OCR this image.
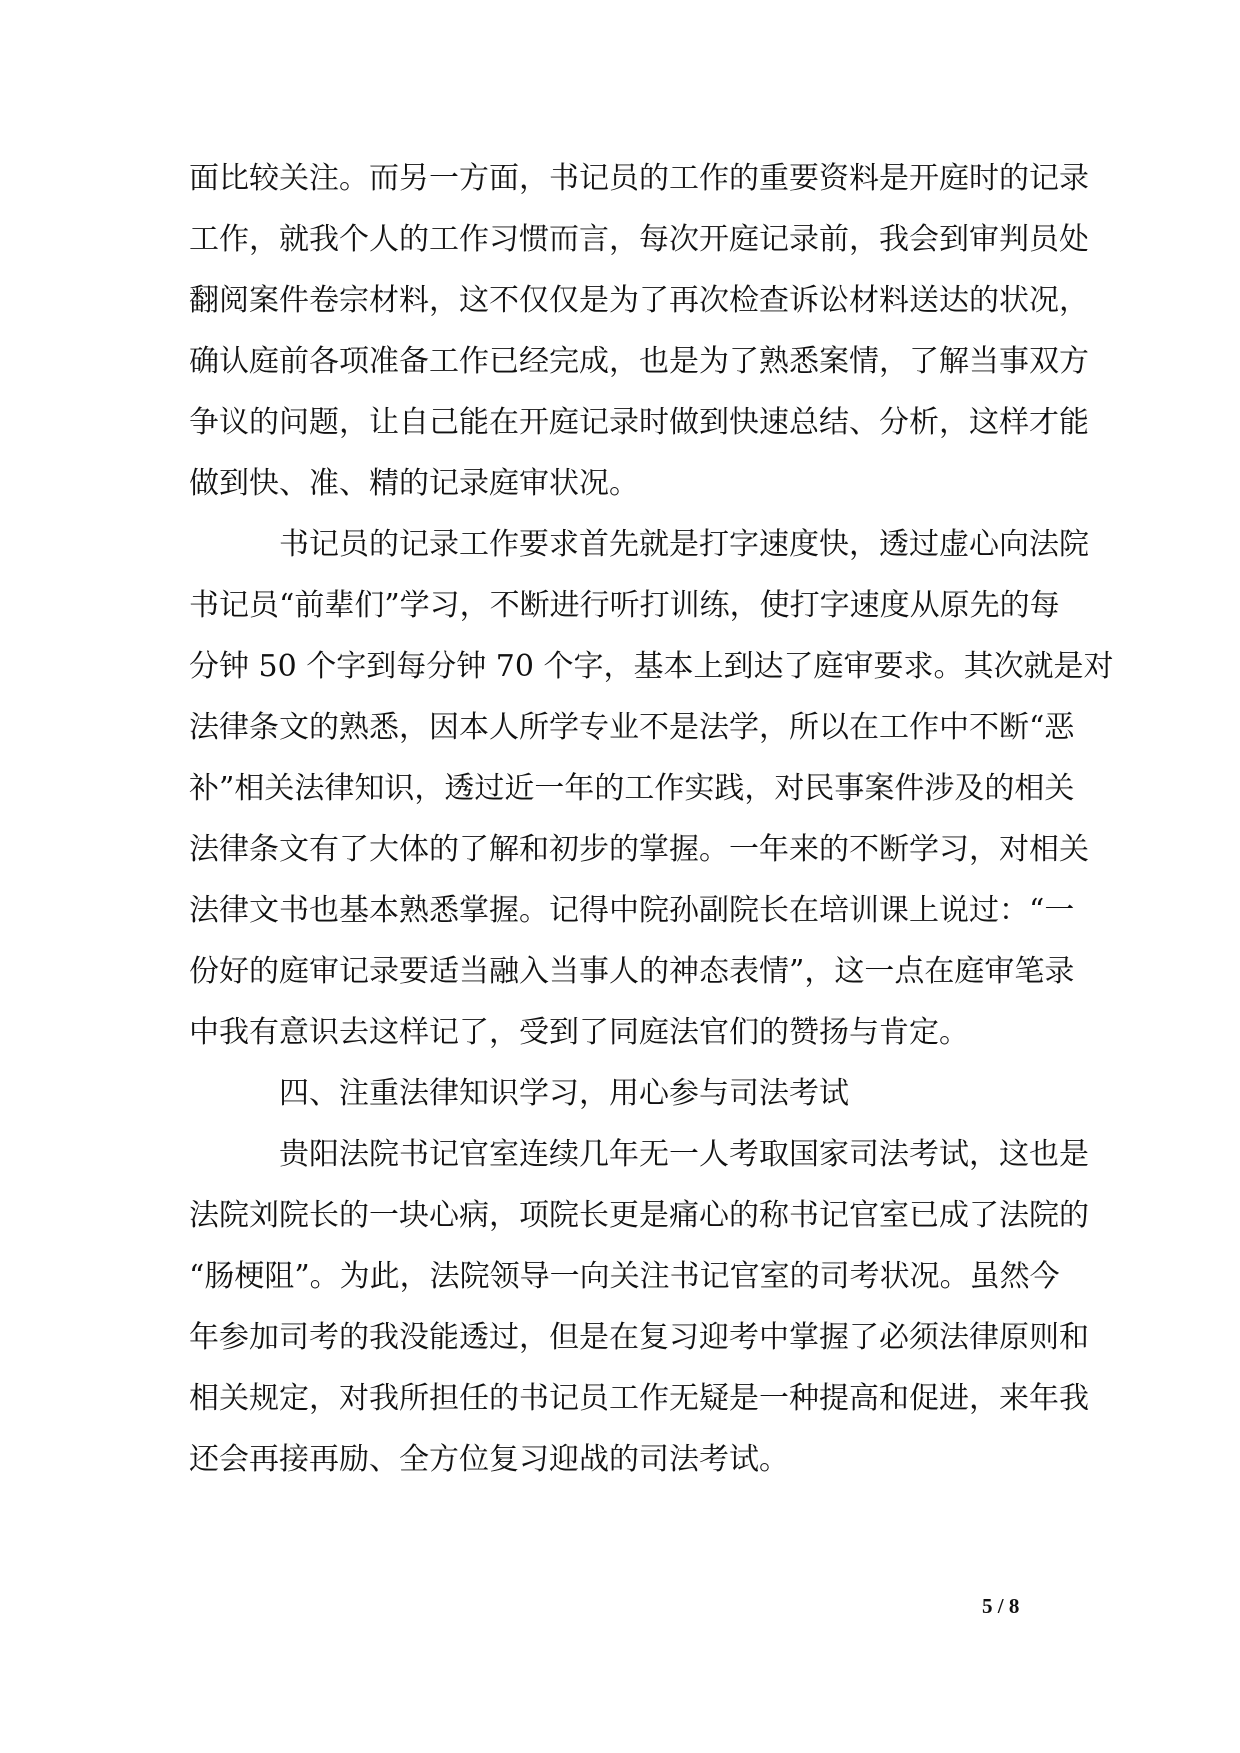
面比较关注。而另一方面，书记员的工作的重要资料是开庭时的记录
工作，就我个人的工作习惯而言，每次开庭记录前，我会到审判员处
翻阅案件卷宗材料，这不仅仅是为了再次检查诉讼材料送达的状况，
确认庭前各项准备工作已经完成，也是为了熟悉案情，了解当事双方
争议的问题，让自己能在开庭记录时做到快速总结、分析，这样才能
做到快、准、精的记录庭审状况。
书记员的记录工作要求首先就是打字速度快，透过虚心向法院
书记员“前辈们”学习，不断进行听打训练，使打字速度从原先的每
分钟 50 个字到每分钟 70 个字，基本上到达了庭审要求。其次就是对
法律条文的熟悉，因本人所学专业不是法学，所以在工作中不断“恶
补”相关法律知识，透过近一年的工作实践，对民事案件涉及的相关
法律条文有了大体的了解和初步的掌握。一年来的不断学习，对相关
法律文书也基本熟悉掌握。记得中院孙副院长在培训课上说过：“一
份好的庭审记录要适当融入当事人的神态表情”，这一点在庭审笔录
中我有意识去这样记了，受到了同庭法官们的赞扬与肯定。
四、注重法律知识学习，用心参与司法考试
贵阳法院书记官室连续几年无一人考取国家司法考试，这也是
法院刘院长的一块心病，项院长更是痛心的称书记官室已成了法院的
“肠梗阻”。为此，法院领导一向关注书记官室的司考状况。虽然今
年参加司考的我没能透过，但是在复习迎考中掌握了必须法律原则和
相关规定，对我所担任的书记员工作无疑是一种提高和促进，来年我
还会再接再励、全方位复习迎战的司法考试。
5 / 8
